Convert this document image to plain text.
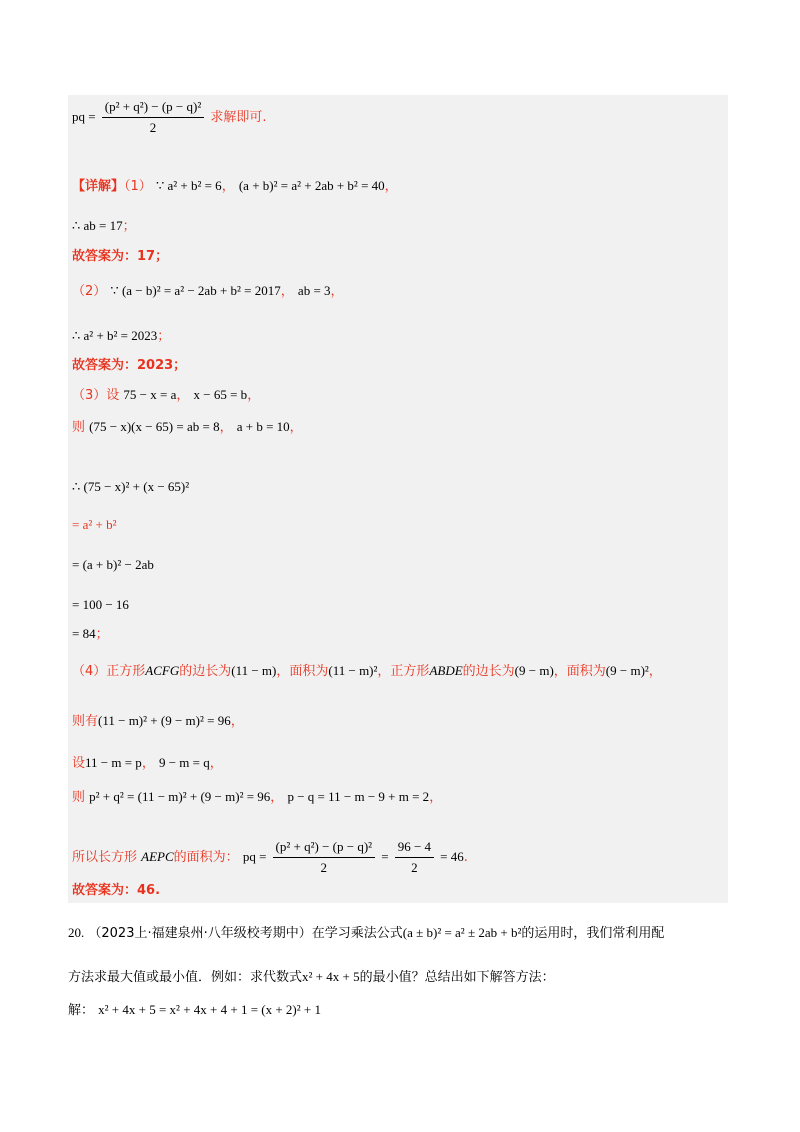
pq = $\frac{\text{(p² + q²) − (p − q)²}}{2}$ 求解即可.
【详解】（1） ∵ a² + b² = 6， (a + b)² = a² + 2ab + b² = 40，
∴ ab = 17；
故答案为：17；
（2） ∵ (a − b)² = a² − 2ab + b² = 2017， ab = 3，
∴ a² + b² = 2023；
故答案为：2023；
（3）设 75 − x = a， x − 65 = b，
则 (75 − x)(x − 65) = ab = 8， a + b = 10，
∴ (75 − x)² + (x − 65)²
= a² + b²
= (a + b)² − 2ab
= 100 − 16
= 84；
（4）正方形ACFG的边长为(11 − m)，面积为(11 − m)²，正方形ABDE的边长为(9 − m)，面积为(9 − m)²，
则有(11 − m)² + (9 − m)² = 96，
设11 − m = p， 9 − m = q，
则 p² + q² = (11 − m)² + (9 − m)² = 96， p − q = 11 − m − 9 + m = 2，
所以长方形 AEPC的面积为： pq = $\frac{\text{(p² + q²) − (p − q)²}}{2} = \frac{96 - 4}{2} = 46$.
故答案为：46.
20. （2023上·福建泉州·八年级校考期中）在学习乘法公式(a ± b)² = a² ± 2ab + b²的运用时，我们常利用配
方法求最大值或最小值．例如：求代数式x² + 4x + 5的最小值？总结出如下解答方法：
解： x² + 4x + 5 = x² + 4x + 4 + 1 = (x + 2)² + 1
